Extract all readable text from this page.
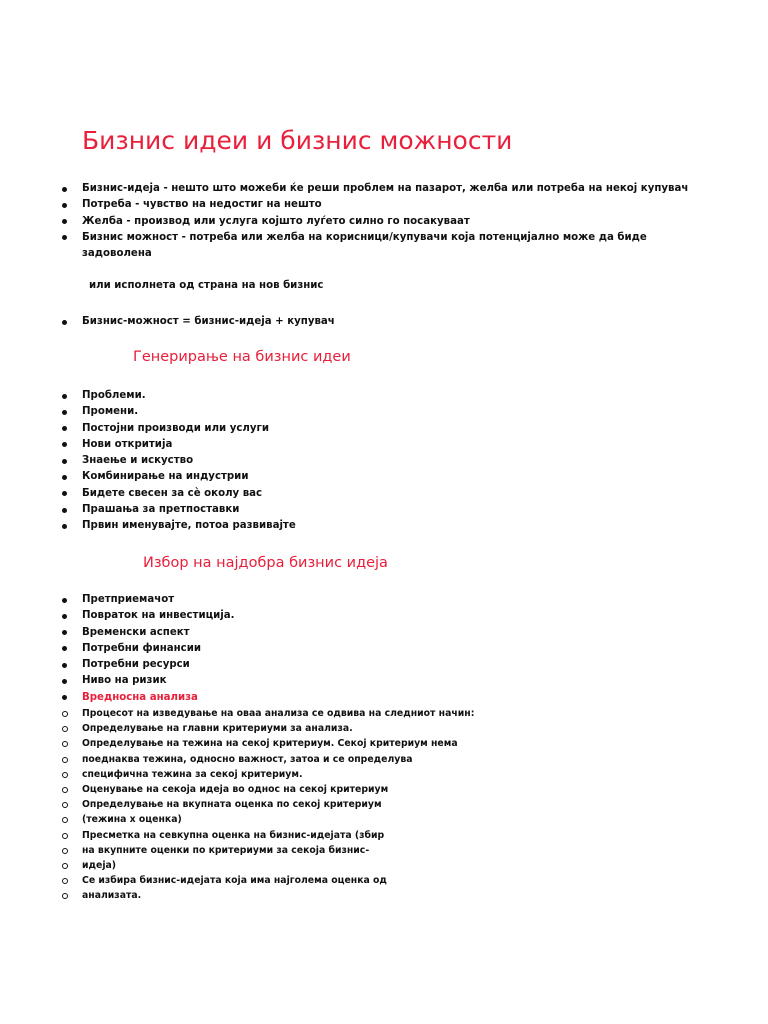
Бизнис идеи и бизнис можности
Бизнис-идеја - нешто што можеби ќе реши проблем на пазарот, желба или потреба на некој купувач
Потреба - чувство на недостиг на нешто
Желба - производ или услуга којшто луѓето силно го посакуваат
Бизнис можност - потреба или желба на корисници/купувачи која потенцијално може да биде
задоволена
или исполнета од страна на нов бизнис
Бизнис-можност = бизнис-идеја + купувач
Генерирање на бизнис идеи
Проблеми.
Промени.
Постојни производи или услуги
Нови откритија
Знаење и искуство
Комбинирање на индустрии
Бидете свесен за сè околу вас
Прашања за претпоставки
Првин именувајте, потоа развивајте
Избор на најдобра бизнис идеја
Претприемачот
Повраток на инвестиција.
Временски аспект
Потребни финансии
Потребни ресурси
Ниво на ризик
Вредносна анализа
Процесот на изведување на оваа анализа се одвива на следниот начин:
Определување на главни критериуми за анализа.
Определување на тежина на секој критериум. Секој критериум нема
поеднаква тежина, односно важност, затоа и се определува
специфична тежина за секој критериум.
Оценување на секоја идеја во однос на секој критериум
Определување на вкупната оценка по секој критериум
(тежина x оценка)
Пресметка на севкупна оценка на бизнис-идејата (збир
на вкупните оценки по критериуми за секоја бизнис-
идеја)
Се избира бизнис-идејата која има најголема оценка од
анализата.
